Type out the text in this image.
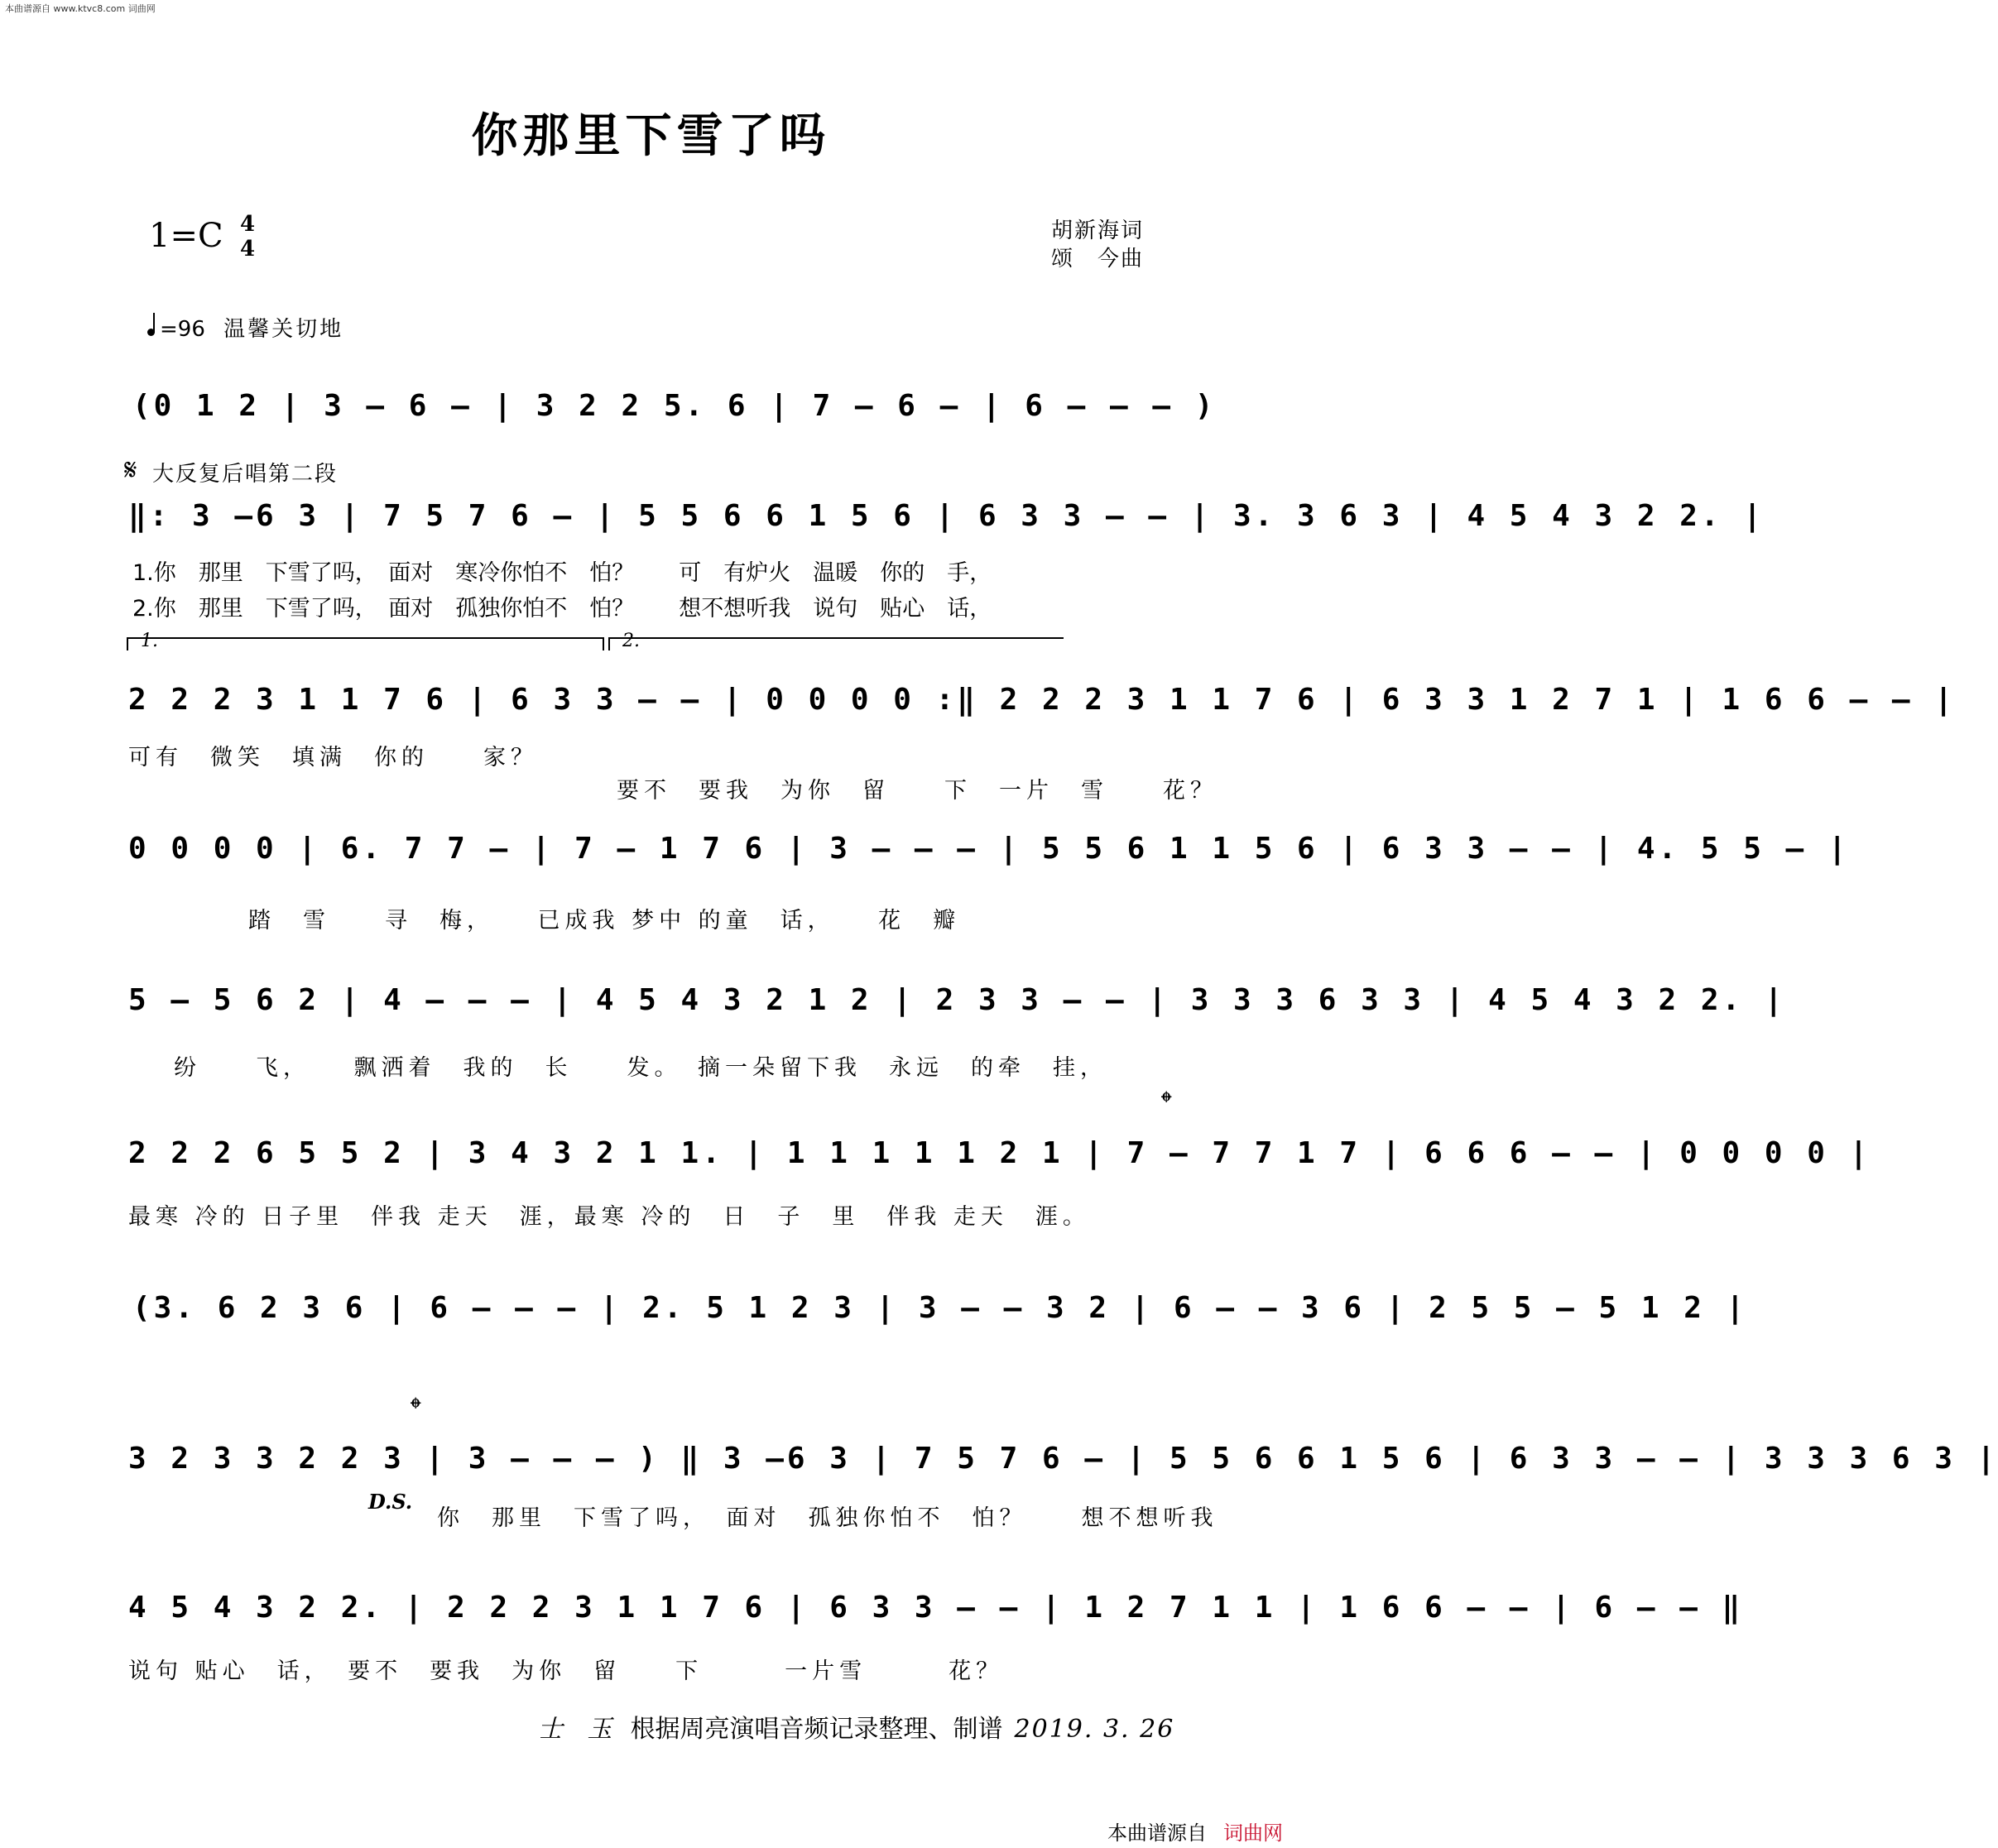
本曲谱源自 www.ktvc8.com 词曲网
你那里下雪了吗
1=C 4
4
胡新海词
颂　今曲
=96 温馨关切地
(0 1 2 | 3 – 6 – | 3 2 2 5. 6 | 7 – 6 – | 6 – – – )
𝄋 大反复后唱第二段
‖: 3 –6 3 | 7 5 7 6 – | 5 5 6 6 1 5 6 | 6 3 3 – – | 3. 3 6 3 | 4 5 4 3 2 2. |
1.你　那里　下雪了吗，　面对　寒冷你怕不　怕？　　可　有炉火　温暖　你的　手，
2.你　那里　下雪了吗，　面对　孤独你怕不　怕？　　想不想听我　说句　贴心　话，
1.	2.
2 2 2 3 1 1 7 6 | 6 3 3 – – | 0 0 0 0 :‖ 2 2 2 3 1 1 7 6 | 6 3 3 1 2 7 1 | 1 6 6 – – |
可有　微笑　填满　你的　　家？
要不　要我　为你　留　　下　一片　雪　　花？
0 0 0 0 | 6. 7 7 – | 7 – 1 7 6 | 3 – – – | 5 5 6 1 1 5 6 | 6 3 3 – – | 4. 5 5 – |
踏　雪　　寻　梅，　　已成我 梦中 的童　话，　　花　瓣
5 – 5 6 2 | 4 – – – | 4 5 4 3 2 1 2 | 2 3 3 – – | 3 3 3 6 3 3 | 4 5 4 3 2 2. |
纷　　飞，　　飘洒着　我的　长　　发。　摘一朵留下我　永远　的牵　挂，
𝄌
2 2 2 6 5 5 2 | 3 4 3 2 1 1. | 1 1 1 1 1 2 1 | 7 – 7 7 1 7 | 6 6 6 – – | 0 0 0 0 |
最寒 冷的 日子里　伴我 走天　涯，最寒 冷的　日　子　里　伴我 走天　涯。
(3. 6 2 3 6 | 6 – – – | 2. 5 1 2 3 | 3 – – 3 2 | 6 – – 3 6 | 2 5 5 – 5 1 2 |
𝄌
3 2 3 3 2 2 3 | 3 – – – ) ‖ 3 –6 3 | 7 5 7 6 – | 5 5 6 6 1 5 6 | 6 3 3 – – | 3 3 3 6 3 |
D.S.
你　那里　下雪了吗，　面对　孤独你怕不　怕？　　想不想听我
4 5 4 3 2 2. | 2 2 2 3 1 1 7 6 | 6 3 3 – – | 1 2 7 1 1 | 1 6 6 – – | 6 – – ‖
说句 贴心　话，　要不　要我　为你　留　　下　　　一片雪　　　花？
士 玉 根据周亮演唱音频记录整理、制谱 2019. 3. 26
本曲谱源自 词曲网
